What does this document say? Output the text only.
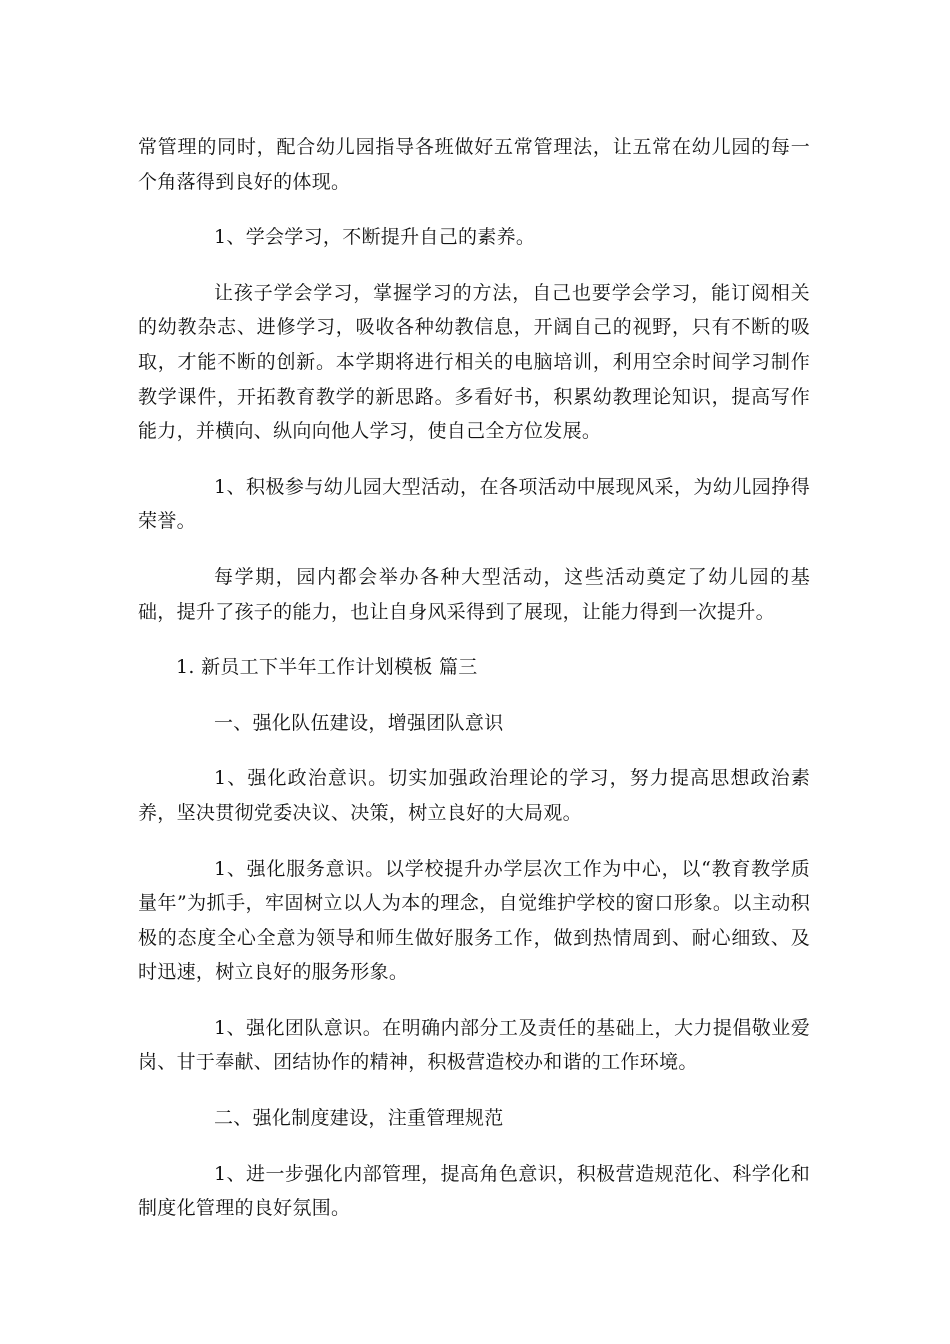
常管理的同时，配合幼儿园指导各班做好五常管理法，让五常在幼儿园的每一个角落得到良好的体现。

1、学会学习，不断提升自己的素养。

让孩子学会学习，掌握学习的方法，自己也要学会学习，能订阅相关的幼教杂志、进修学习，吸收各种幼教信息，开阔自己的视野，只有不断的吸取，才能不断的创新。本学期将进行相关的电脑培训，利用空余时间学习制作教学课件，开拓教育教学的新思路。多看好书，积累幼教理论知识，提高写作能力，并横向、纵向向他人学习，使自己全方位发展。

1、积极参与幼儿园大型活动，在各项活动中展现风采，为幼儿园挣得荣誉。

每学期，园内都会举办各种大型活动，这些活动奠定了幼儿园的基础，提升了孩子的能力，也让自身风采得到了展现，让能力得到一次提升。

1. 新员工下半年工作计划模板 篇三

一、强化队伍建设，增强团队意识

1、强化政治意识。切实加强政治理论的学习，努力提高思想政治素养，坚决贯彻党委决议、决策，树立良好的大局观。

1、强化服务意识。以学校提升办学层次工作为中心，以“教育教学质量年”为抓手，牢固树立以人为本的理念，自觉维护学校的窗口形象。以主动积极的态度全心全意为领导和师生做好服务工作，做到热情周到、耐心细致、及时迅速，树立良好的服务形象。

1、强化团队意识。在明确内部分工及责任的基础上，大力提倡敬业爱岗、甘于奉献、团结协作的精神，积极营造校办和谐的工作环境。

二、强化制度建设，注重管理规范

1、进一步强化内部管理，提高角色意识，积极营造规范化、科学化和制度化管理的良好氛围。
